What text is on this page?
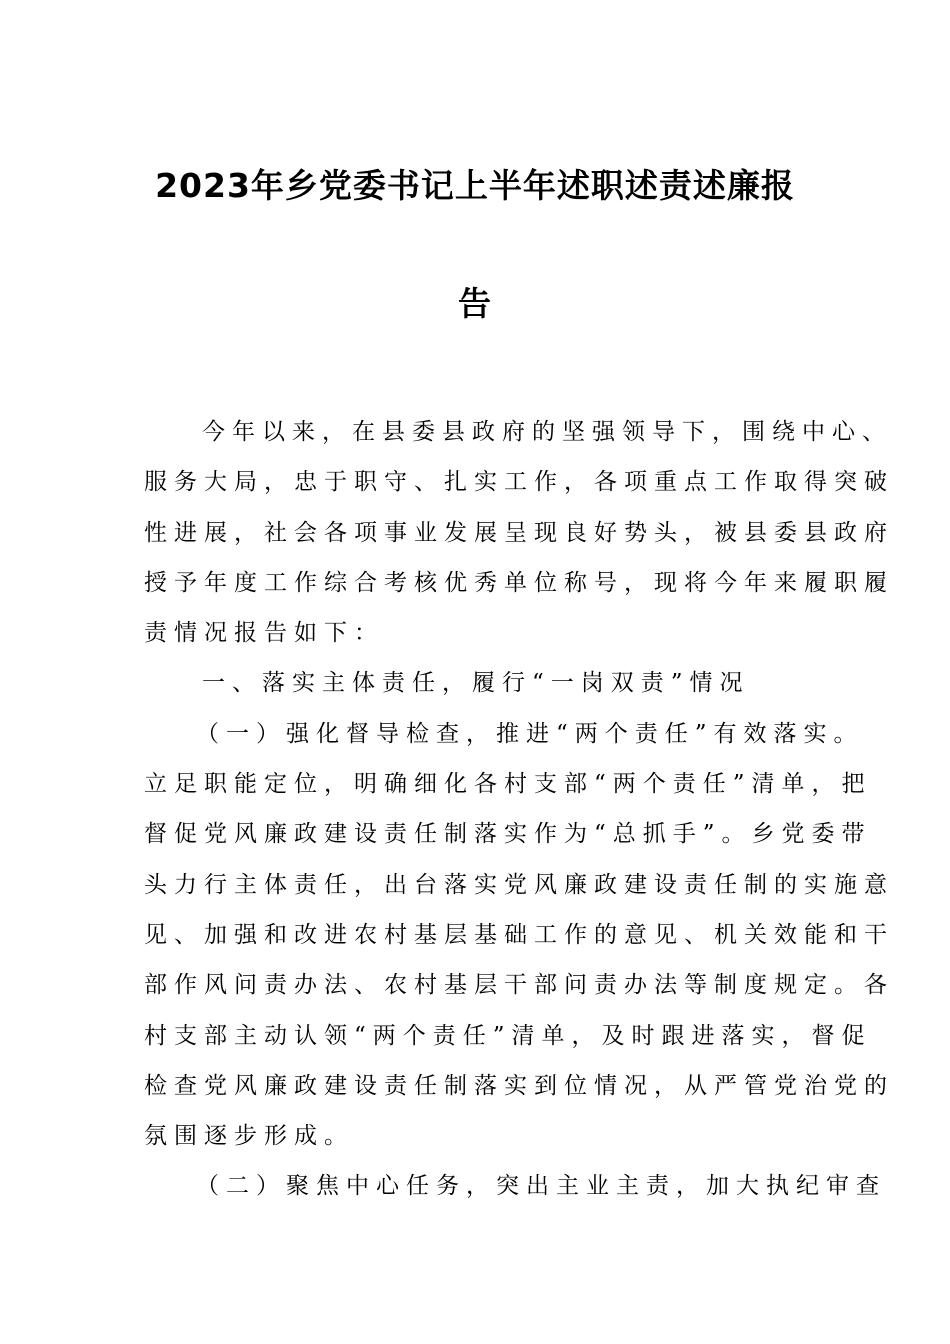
2023年乡党委书记上半年述职述责述廉报
告
今年以来，在县委县政府的坚强领导下，围绕中心、
服务大局，忠于职守、扎实工作，各项重点工作取得突破
性进展，社会各项事业发展呈现良好势头，被县委县政府
授予年度工作综合考核优秀单位称号，现将今年来履职履
责情况报告如下：
一、落实主体责任，履行“一岗双责”情况
（一）强化督导检查，推进“两个责任”有效落实。
立足职能定位，明确细化各村支部“两个责任”清单，把
督促党风廉政建设责任制落实作为“总抓手”。乡党委带
头力行主体责任，出台落实党风廉政建设责任制的实施意
见、加强和改进农村基层基础工作的意见、机关效能和干
部作风问责办法、农村基层干部问责办法等制度规定。各
村支部主动认领“两个责任”清单，及时跟进落实，督促
检查党风廉政建设责任制落实到位情况，从严管党治党的
氛围逐步形成。
（二）聚焦中心任务，突出主业主责，加大执纪审查
